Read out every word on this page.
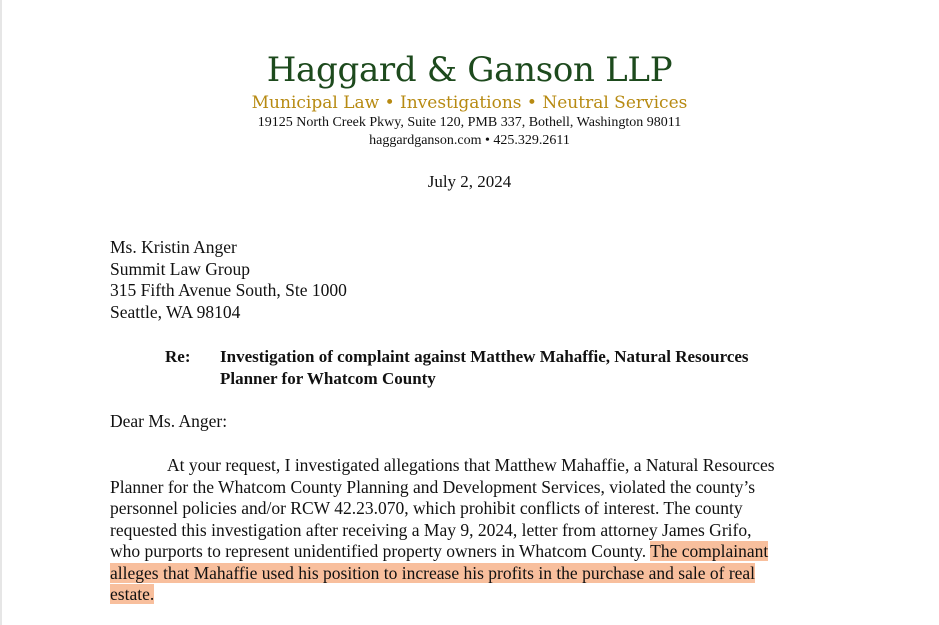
Haggard & Ganson LLP
Municipal Law • Investigations • Neutral Services
19125 North Creek Pkwy, Suite 120, PMB 337, Bothell, Washington 98011
haggardganson.com • 425.329.2611
July 2, 2024
Ms. Kristin Anger
Summit Law Group
315 Fifth Avenue South, Ste 1000
Seattle, WA 98104
Re: Investigation of complaint against Matthew Mahaffie, Natural Resources
Planner for Whatcom County
Dear Ms. Anger:
At your request, I investigated allegations that Matthew Mahaffie, a Natural Resources
Planner for the Whatcom County Planning and Development Services, violated the county’s
personnel policies and/or RCW 42.23.070, which prohibit conflicts of interest. The county
requested this investigation after receiving a May 9, 2024, letter from attorney James Grifo,
who purports to represent unidentified property owners in Whatcom County. The complainant
alleges that Mahaffie used his position to increase his profits in the purchase and sale of real
estate.
